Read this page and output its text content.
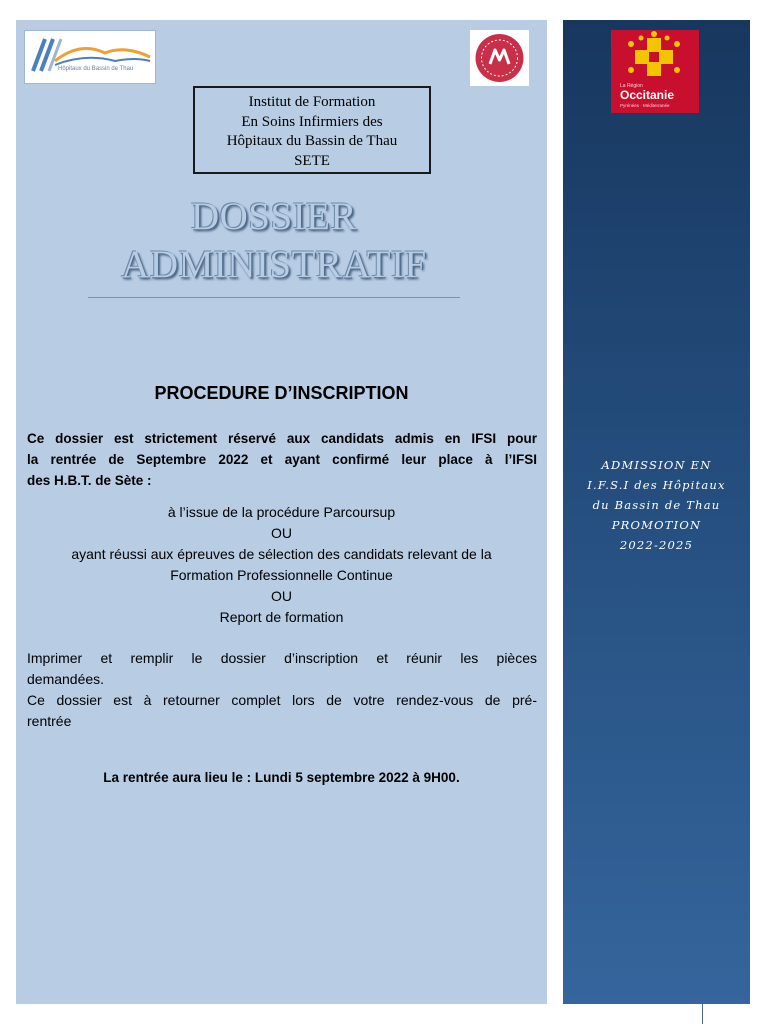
Hôpitaux du Bassin de Thau
La Région
Occitanie
Pyrénées · Méditerranée
Institut de Formation
En Soins Infirmiers des
Hôpitaux du Bassin de Thau
SETE
DOSSIER
ADMINISTRATIF
PROCEDURE D’INSCRIPTION
Ce dossier est strictement réservé aux candidats admis en IFSI pour
la rentrée de Septembre 2022 et ayant confirmé leur place à l’IFSI
des H.B.T. de Sète :
à l’issue de la procédure Parcoursup
OU
ayant réussi aux épreuves de sélection des candidats relevant de la
Formation Professionnelle Continue
OU
Report de formation
Imprimer et remplir le dossier d’inscription et réunir les pièces
demandées.
Ce dossier est à retourner complet lors de votre rendez-vous de pré-
rentrée
La rentrée aura lieu le : Lundi 5 septembre 2022 à 9H00.
ADMISSION EN
I.F.S.I des Hôpitaux
du Bassin de Thau
PROMOTION
2022-2025
